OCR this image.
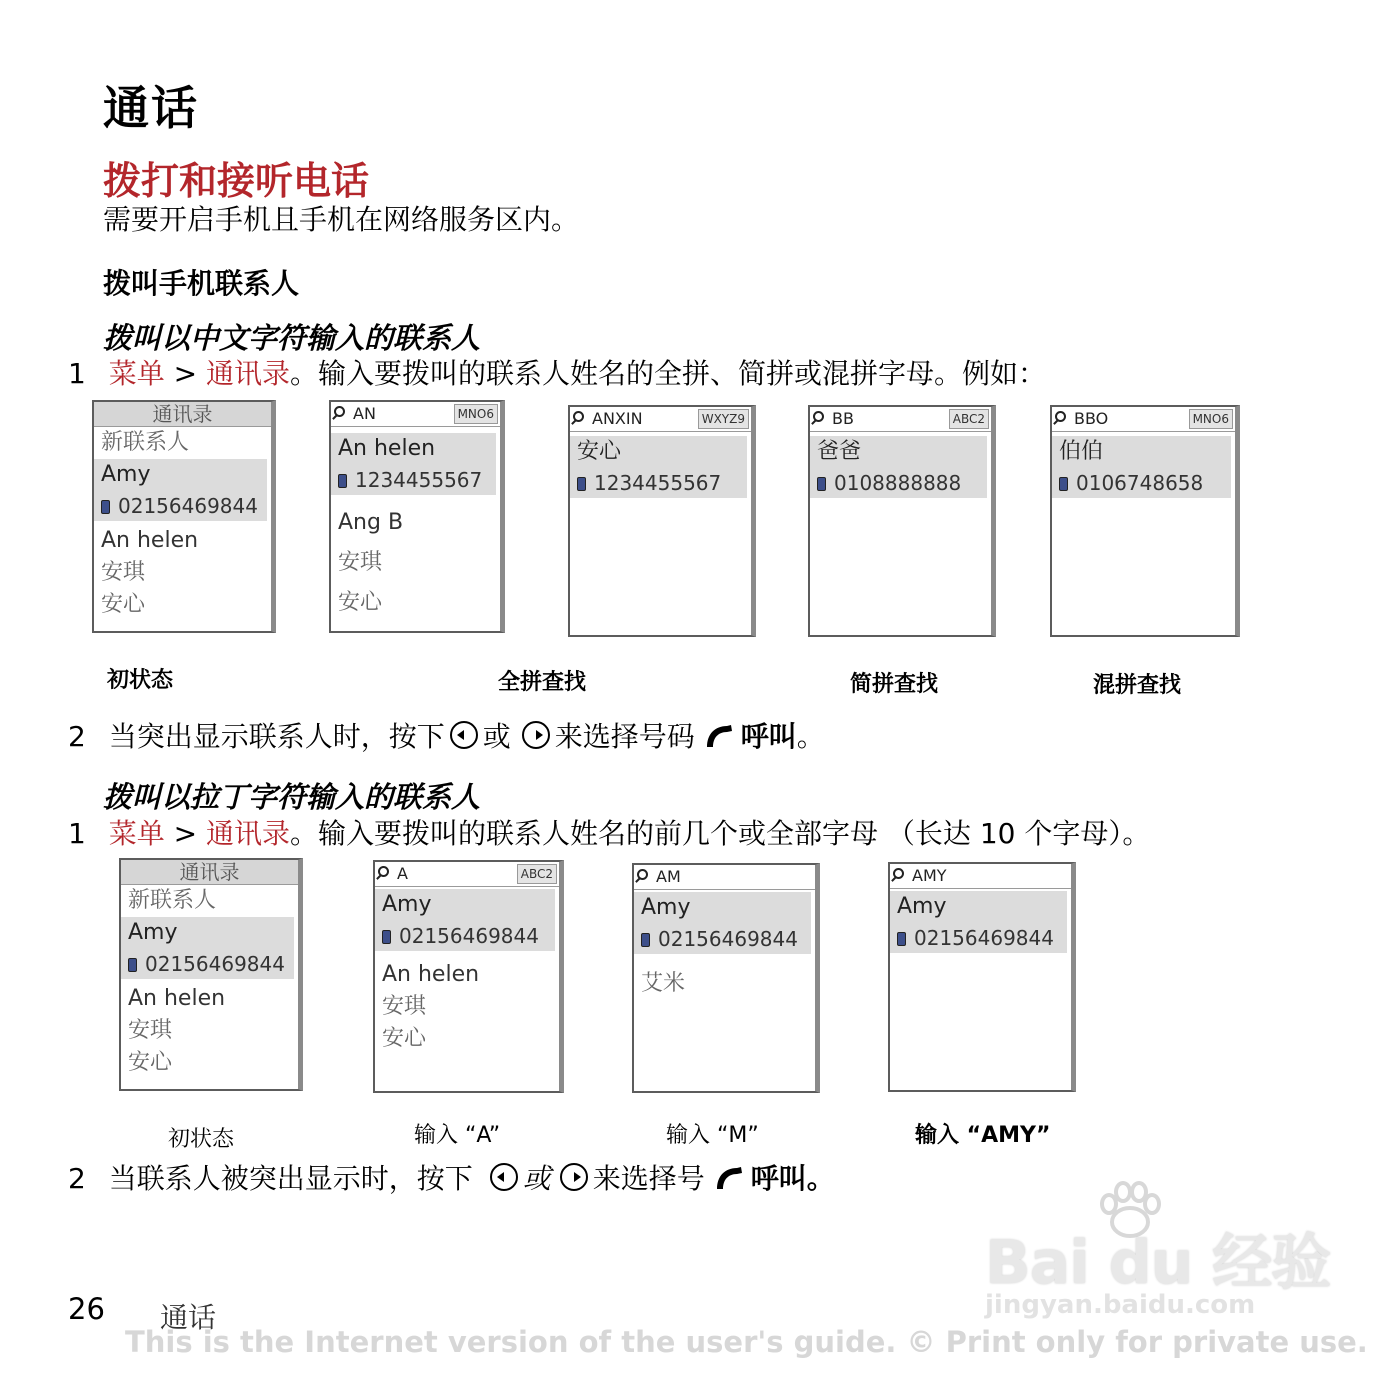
通话
拨打和接听电话
需要开启手机且手机在网络服务区内。
拨叫手机联系人
拨叫以中文字符输入的联系人
1 菜单 > 通讯录。输入要拨叫的联系人姓名的全拼、简拼或混拼字母。例如：
通讯录
新联系人
Amy
02156469844
An helen
安琪
安心
AN	MNO6
An helen
1234455567
Ang B
安琪
安心
ANXIN	WXYZ9
安心
1234455567
BB	ABC2
爸爸
0108888888
BBO	MNO6
伯伯
0106748658
初状态	全拼查找	简拼查找	混拼查找
2 当突出显示联系人时，按下 或 来选择号码 呼叫。
拨叫以拉丁字符输入的联系人
1 菜单 > 通讯录。输入要拨叫的联系人姓名的前几个或全部字母 （长达 10 个字母）。
通讯录
新联系人
Amy
02156469844
An helen
安琪
安心
A	ABC2
Amy
02156469844
An helen
安琪
安心
AM
Amy
02156469844
艾米
AMY
Amy
02156469844
初状态	输入 “A”	输入 “M”	输入 “AMY”
2 当联系人被突出显示时，按下 或 来选择号 呼叫。
26 通话
Bai du 经验
jingyan.baidu.com
This is the Internet version of the user's guide. © Print only for private use.
